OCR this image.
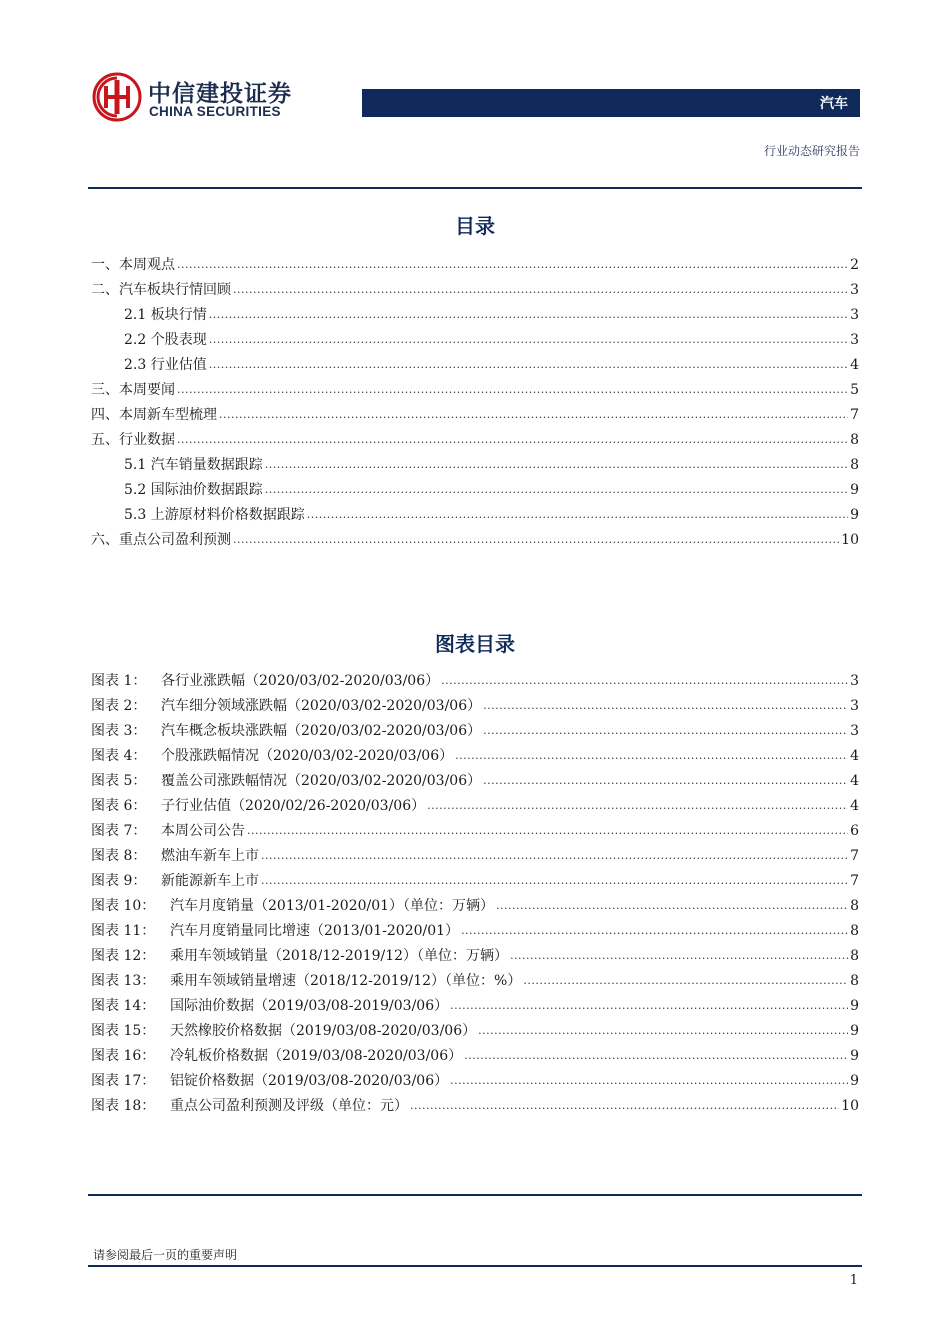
中信建投证券
CHINA SECURITIES	汽车
行业动态研究报告
目录
一、本周观点 .....	2
二、汽车板块行情回顾 .....	3
2.1 板块行情 .....	3
2.2 个股表现 .....	3
2.3 行业估值 .....	4
三、本周要闻 .....	5
四、本周新车型梳理 .....	7
五、行业数据 .....	8
5.1 汽车销量数据跟踪 .....	8
5.2 国际油价数据跟踪 .....	9
5.3 上游原材料价格数据跟踪 .....	9
六、重点公司盈利预测 .....	10
图表目录
图表 1：	各行业涨跌幅（2020/03/02-2020/03/06） .....	3
图表 2：	汽车细分领域涨跌幅（2020/03/02-2020/03/06） .....	3
图表 3：	汽车概念板块涨跌幅（2020/03/02-2020/03/06） .....	3
图表 4：	个股涨跌幅情况（2020/03/02-2020/03/06） .....	4
图表 5：	覆盖公司涨跌幅情况（2020/03/02-2020/03/06） .....	4
图表 6：	子行业估值（2020/02/26-2020/03/06） .....	4
图表 7：	本周公司公告 .....	6
图表 8：	燃油车新车上市 .....	7
图表 9：	新能源新车上市 .....	7
图表 10：	汽车月度销量（2013/01-2020/01）（单位：万辆） .....	8
图表 11：	汽车月度销量同比增速（2013/01-2020/01） .....	8
图表 12：	乘用车领域销量（2018/12-2019/12）（单位：万辆） .....	8
图表 13：	乘用车领域销量增速（2018/12-2019/12）（单位：%） .....	8
图表 14：	国际油价数据（2019/03/08-2019/03/06） .....	9
图表 15：	天然橡胶价格数据（2019/03/08-2020/03/06） .....	9
图表 16：	冷轧板价格数据（2019/03/08-2020/03/06） .....	9
图表 17：	铝锭价格数据（2019/03/08-2020/03/06） .....	9
图表 18：	重点公司盈利预测及评级（单位：元） .....	10
请参阅最后一页的重要声明
1
